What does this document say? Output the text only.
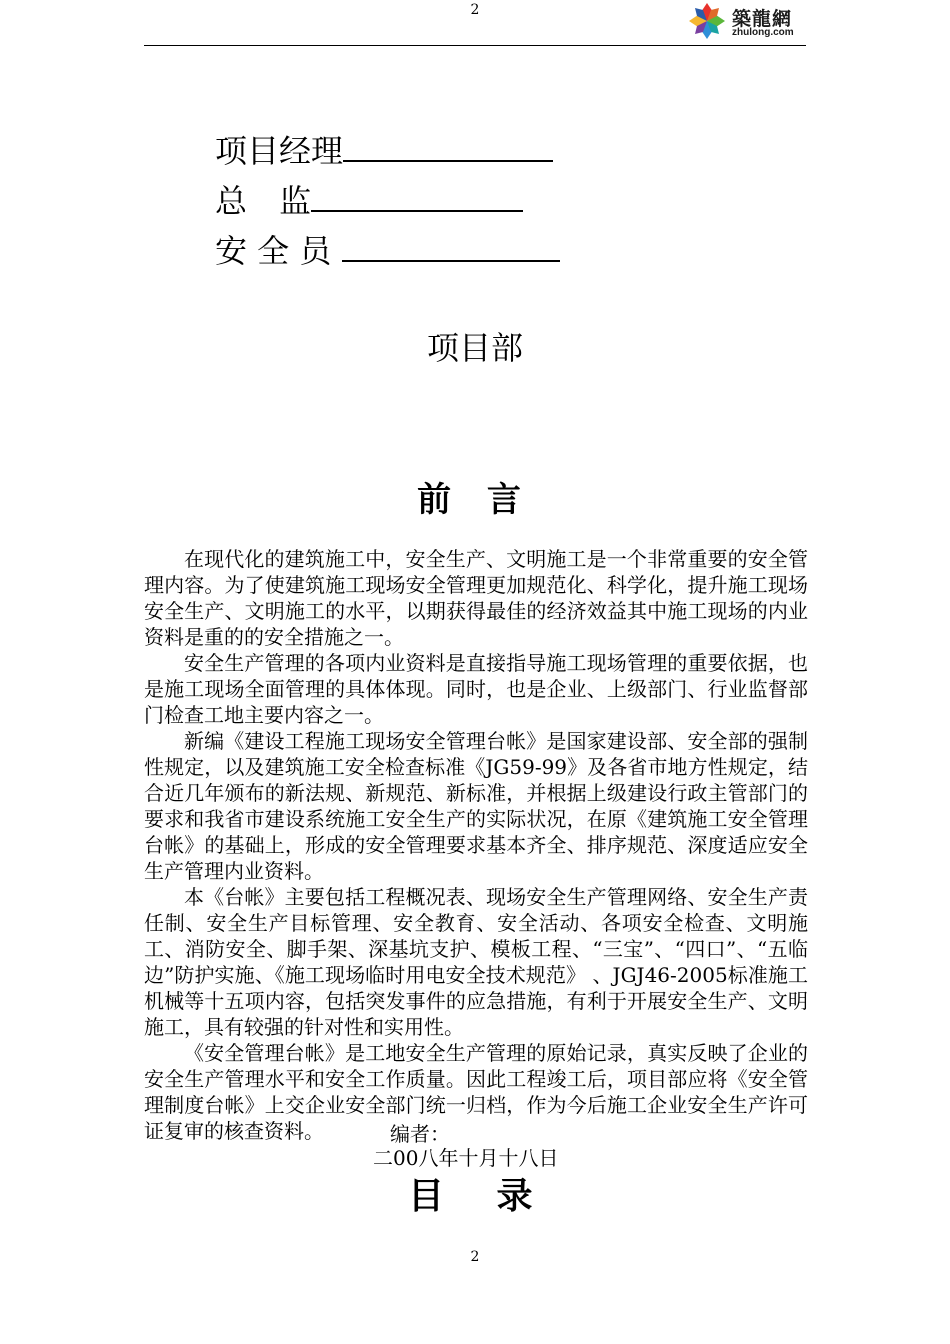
2	築龍網
zhulong.com
项目经理
总 监
安 全 员
项目部
前 言

在现代化的建筑施工中，安全生产、文明施工是一个非常重要的安全管理内容。为了使建筑施工现场安全管理更加规范化、科学化，提升施工现场安全生产、文明施工的水平，以期获得最佳的经济效益其中施工现场的内业资料是重的的安全措施之一。

安全生产管理的各项内业资料是直接指导施工现场管理的重要依据，也是施工现场全面管理的具体体现。同时，也是企业、上级部门、行业监督部门检查工地主要内容之一。

新编《建设工程施工现场安全管理台帐》是国家建设部、安全部的强制性规定，以及建筑施工安全检查标准《JG59-99》及各省市地方性规定，结合近几年颁布的新法规、新规范、新标准，并根据上级建设行政主管部门的要求和我省市建设系统施工安全生产的实际状况，在原《建筑施工安全管理台帐》的基础上，形成的安全管理要求基本齐全、排序规范、深度适应安全生产管理内业资料。

本《台帐》主要包括工程概况表、现场安全生产管理网络、安全生产责任制、安全生产目标管理、安全教育、安全活动、各项安全检查、文明施工、消防安全、脚手架、深基坑支护、模板工程、“三宝”、“四口”、“五临边”防护实施、《施工现场临时用电安全技术规范》 、JGJ46-2005标准施工机械等十五项内容，包括突发事件的应急措施，有利于开展安全生产、文明施工，具有较强的针对性和实用性。

《安全管理台帐》是工地安全生产管理的原始记录，真实反映了企业的安全生产管理水平和安全工作质量。因此工程竣工后，项目部应将《安全管理制度台帐》上交企业安全部门统一归档，作为今后施工企业安全生产许可证复审的核查资料。	编者：
二00八年十月十八日
目 录
2
